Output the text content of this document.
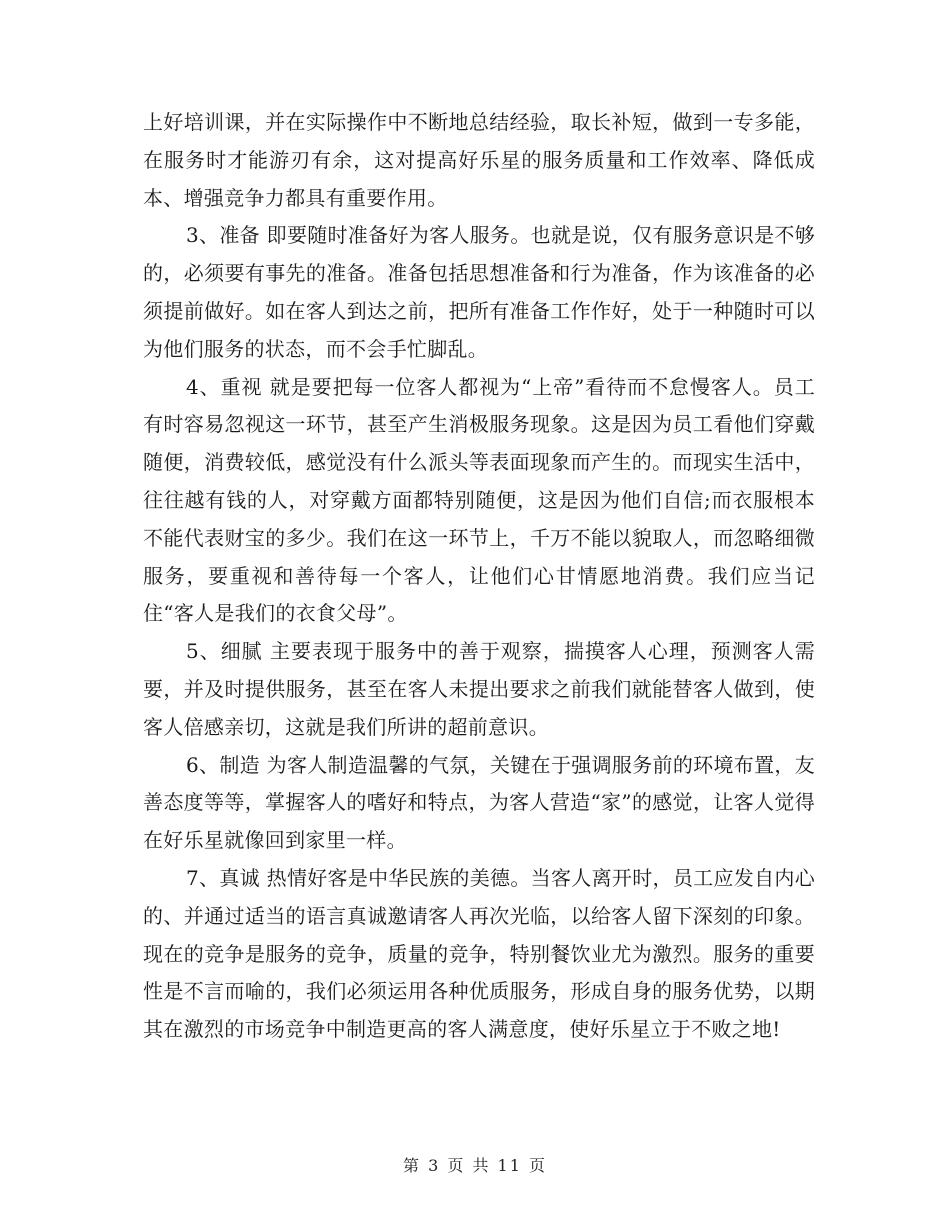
上好培训课，并在实际操作中不断地总结经验，取长补短，做到一专多能，在服务时才能游刃有余，这对提高好乐星的服务质量和工作效率、降低成本、增强竞争力都具有重要作用。

3、准备 即要随时准备好为客人服务。也就是说，仅有服务意识是不够的，必须要有事先的准备。准备包括思想准备和行为准备，作为该准备的必须提前做好。如在客人到达之前，把所有准备工作作好，处于一种随时可以为他们服务的状态，而不会手忙脚乱。

4、重视 就是要把每一位客人都视为“上帝”看待而不怠慢客人。员工有时容易忽视这一环节，甚至产生消极服务现象。这是因为员工看他们穿戴随便，消费较低，感觉没有什么派头等表面现象而产生的。而现实生活中，往往越有钱的人，对穿戴方面都特别随便，这是因为他们自信;而衣服根本不能代表财宝的多少。我们在这一环节上，千万不能以貌取人，而忽略细微服务，要重视和善待每一个客人，让他们心甘情愿地消费。我们应当记住“客人是我们的衣食父母”。

5、细腻 主要表现于服务中的善于观察，揣摸客人心理，预测客人需要，并及时提供服务，甚至在客人未提出要求之前我们就能替客人做到，使客人倍感亲切，这就是我们所讲的超前意识。

6、制造 为客人制造温馨的气氛，关键在于强调服务前的环境布置，友善态度等等，掌握客人的嗜好和特点，为客人营造“家”的感觉，让客人觉得在好乐星就像回到家里一样。

7、真诚 热情好客是中华民族的美德。当客人离开时，员工应发自内心的、并通过适当的语言真诚邀请客人再次光临，以给客人留下深刻的印象。 现在的竞争是服务的竞争，质量的竞争，特别餐饮业尤为激烈。服务的重要性是不言而喻的，我们必须运用各种优质服务，形成自身的服务优势，以期其在激烈的市场竞争中制造更高的客人满意度，使好乐星立于不败之地!

第 3 页 共 11 页
